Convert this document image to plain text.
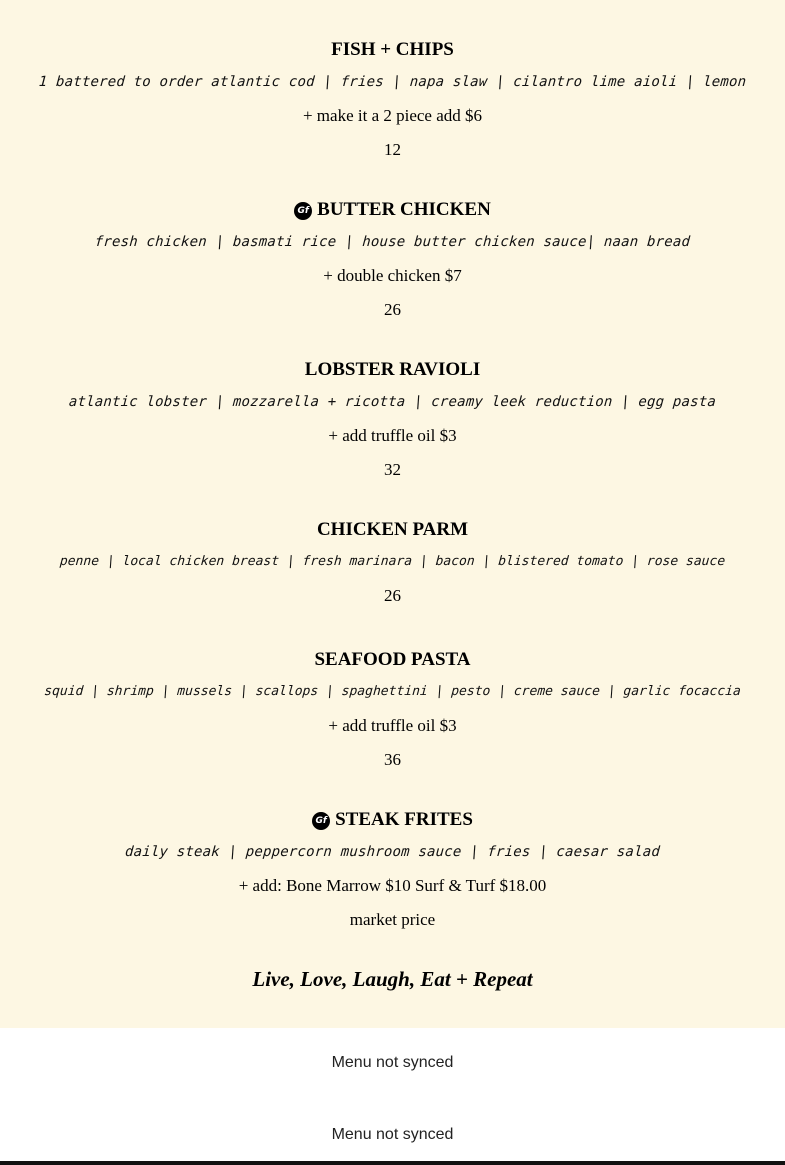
FISH + CHIPS
1 battered to order atlantic cod | fries | napa slaw | cilantro lime aioli | lemon
+ make it a 2 piece add $6
12
Gf BUTTER CHICKEN
fresh chicken | basmati rice | house butter chicken sauce| naan bread
+ double chicken $7
26
LOBSTER RAVIOLI
atlantic lobster | mozzarella + ricotta | creamy leek reduction | egg pasta
+ add truffle oil $3
32
CHICKEN PARM
penne | local chicken breast | fresh marinara | bacon | blistered tomato | rose sauce
26
SEAFOOD PASTA
squid | shrimp | mussels | scallops | spaghettini | pesto | creme sauce | garlic focaccia
+ add truffle oil $3
36
Gf STEAK FRITES
daily steak | peppercorn mushroom sauce | fries | caesar salad
+ add: Bone Marrow $10 Surf & Turf $18.00
market price
Live, Love, Laugh, Eat + Repeat
Menu not synced
Menu not synced
